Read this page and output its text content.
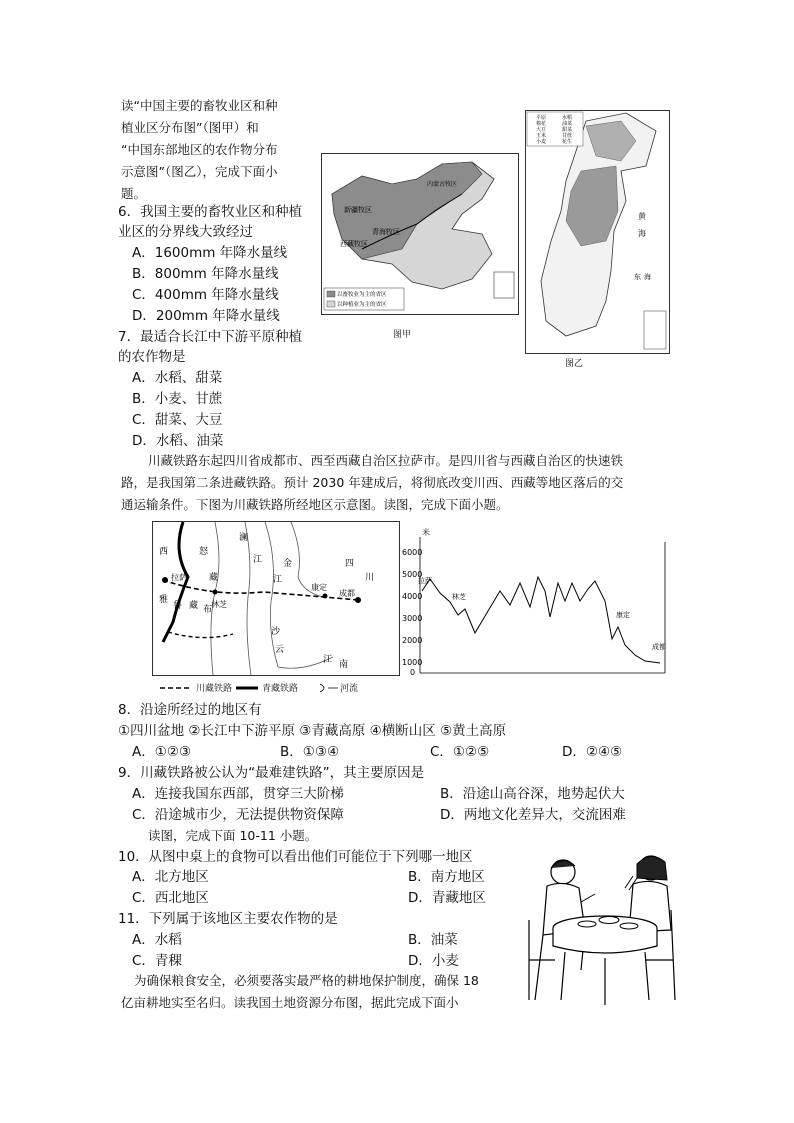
读“中国主要的畜牧业区和种
植业区分布图”（图甲）和
“中国东部地区的农作物分布
示意图”（图乙），完成下面小
题。
6．我国主要的畜牧业区和种植
业区的分界线大致经过
A．1600mm 年降水量线
B．800mm 年降水量线
C．400mm 年降水量线
D．200mm 年降水量线
7．最适合长江中下游平原种植
的农作物是
A．水稻、甜菜
B．小麦、甘蔗
C．甜菜、大豆
D．水稻、油菜
新疆牧区
内蒙古牧区
青海牧区
西藏牧区
以畜牧业为主的省区
以种植业为主的省区
图甲
平原
棉花
大豆
玉米
小麦
水稻
油菜
甜菜
甘蔗
花生
黄
海
东 海
图乙
川藏铁路东起四川省成都市、西至西藏自治区拉萨市。是四川省与西藏自治区的快速铁
路，是我国第二条进藏铁路。预计 2030 年建成后，将彻底改变川西、西藏等地区落后的交
通运输条件。下图为川藏铁路所经地区示意图。读图，完成下面小题。
西	怒
澜
金	四
川
拉萨 藏
林芝
雅
鲁 藏 布
江
江
沙
康定
成都
云
江 南
川藏铁路	青藏铁路	河流
6000
5000
4000
3000
2000
1000
0
米
拉萨
林芝
康定
成都
8．沿途所经过的地区有
①四川盆地 ②长江中下游平原 ③青藏高原 ④横断山区 ⑤黄土高原
A．①②③	B．①③④	C．①②⑤	D．②④⑤
9．川藏铁路被公认为“最难建铁路”，其主要原因是
A．连接我国东西部，贯穿三大阶梯	B．沿途山高谷深，地势起伏大
C．沿途城市少，无法提供物资保障	D．两地文化差异大，交流困难
读图，完成下面 10-11 小题。
10．从图中桌上的食物可以看出他们可能位于下列哪一地区
A．北方地区	B．南方地区
C．西北地区	D．青藏地区
11．下列属于该地区主要农作物的是
A．水稻	B．油菜
C．青稞	D．小麦
为确保粮食安全，必须要落实最严格的耕地保护制度，确保 18
亿亩耕地实至名归。读我国土地资源分布图，据此完成下面小
